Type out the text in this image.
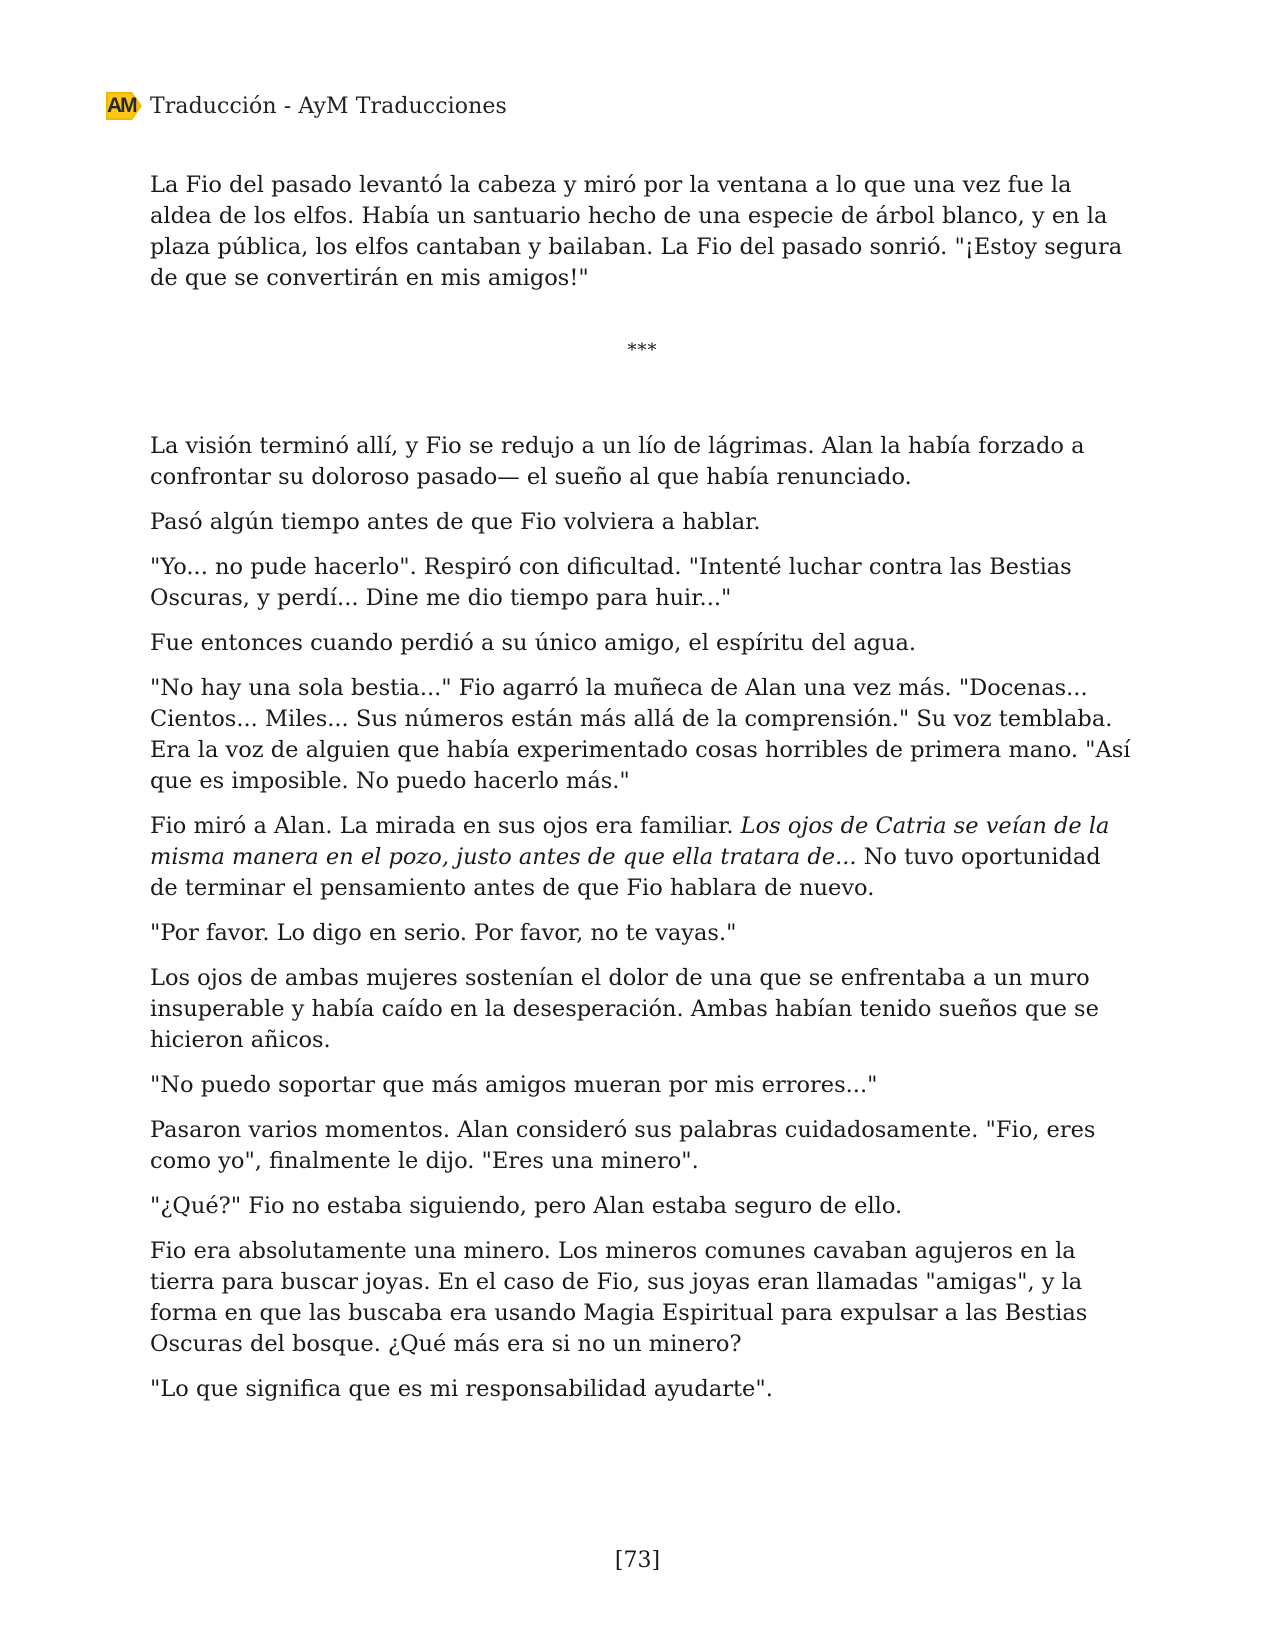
AM Traducción - AyM Traducciones

La Fio del pasado levantó la cabeza y miró por la ventana a lo que una vez fue la aldea de los elfos. Había un santuario hecho de una especie de árbol blanco, y en la plaza pública, los elfos cantaban y bailaban. La Fio del pasado sonrió. "¡Estoy segura de que se convertirán en mis amigos!"

***

La visión terminó allí, y Fio se redujo a un lío de lágrimas. Alan la había forzado a confrontar su doloroso pasado— el sueño al que había renunciado.

Pasó algún tiempo antes de que Fio volviera a hablar.

"Yo... no pude hacerlo". Respiró con dificultad. "Intenté luchar contra las Bestias Oscuras, y perdí... Dine me dio tiempo para huir..."

Fue entonces cuando perdió a su único amigo, el espíritu del agua.

"No hay una sola bestia..." Fio agarró la muñeca de Alan una vez más. "Docenas... Cientos... Miles... Sus números están más allá de la comprensión." Su voz temblaba. Era la voz de alguien que había experimentado cosas horribles de primera mano. "Así que es imposible. No puedo hacerlo más."

Fio miró a Alan. La mirada en sus ojos era familiar. Los ojos de Catria se veían de la misma manera en el pozo, justo antes de que ella tratara de... No tuvo oportunidad de terminar el pensamiento antes de que Fio hablara de nuevo.

"Por favor. Lo digo en serio. Por favor, no te vayas."

Los ojos de ambas mujeres sostenían el dolor de una que se enfrentaba a un muro insuperable y había caído en la desesperación. Ambas habían tenido sueños que se hicieron añicos.

"No puedo soportar que más amigos mueran por mis errores..."

Pasaron varios momentos. Alan consideró sus palabras cuidadosamente. "Fio, eres como yo", finalmente le dijo. "Eres una minero".

"¿Qué?" Fio no estaba siguiendo, pero Alan estaba seguro de ello.

Fio era absolutamente una minero. Los mineros comunes cavaban agujeros en la tierra para buscar joyas. En el caso de Fio, sus joyas eran llamadas "amigas", y la forma en que las buscaba era usando Magia Espiritual para expulsar a las Bestias Oscuras del bosque. ¿Qué más era si no un minero?

"Lo que significa que es mi responsabilidad ayudarte".

[73]
